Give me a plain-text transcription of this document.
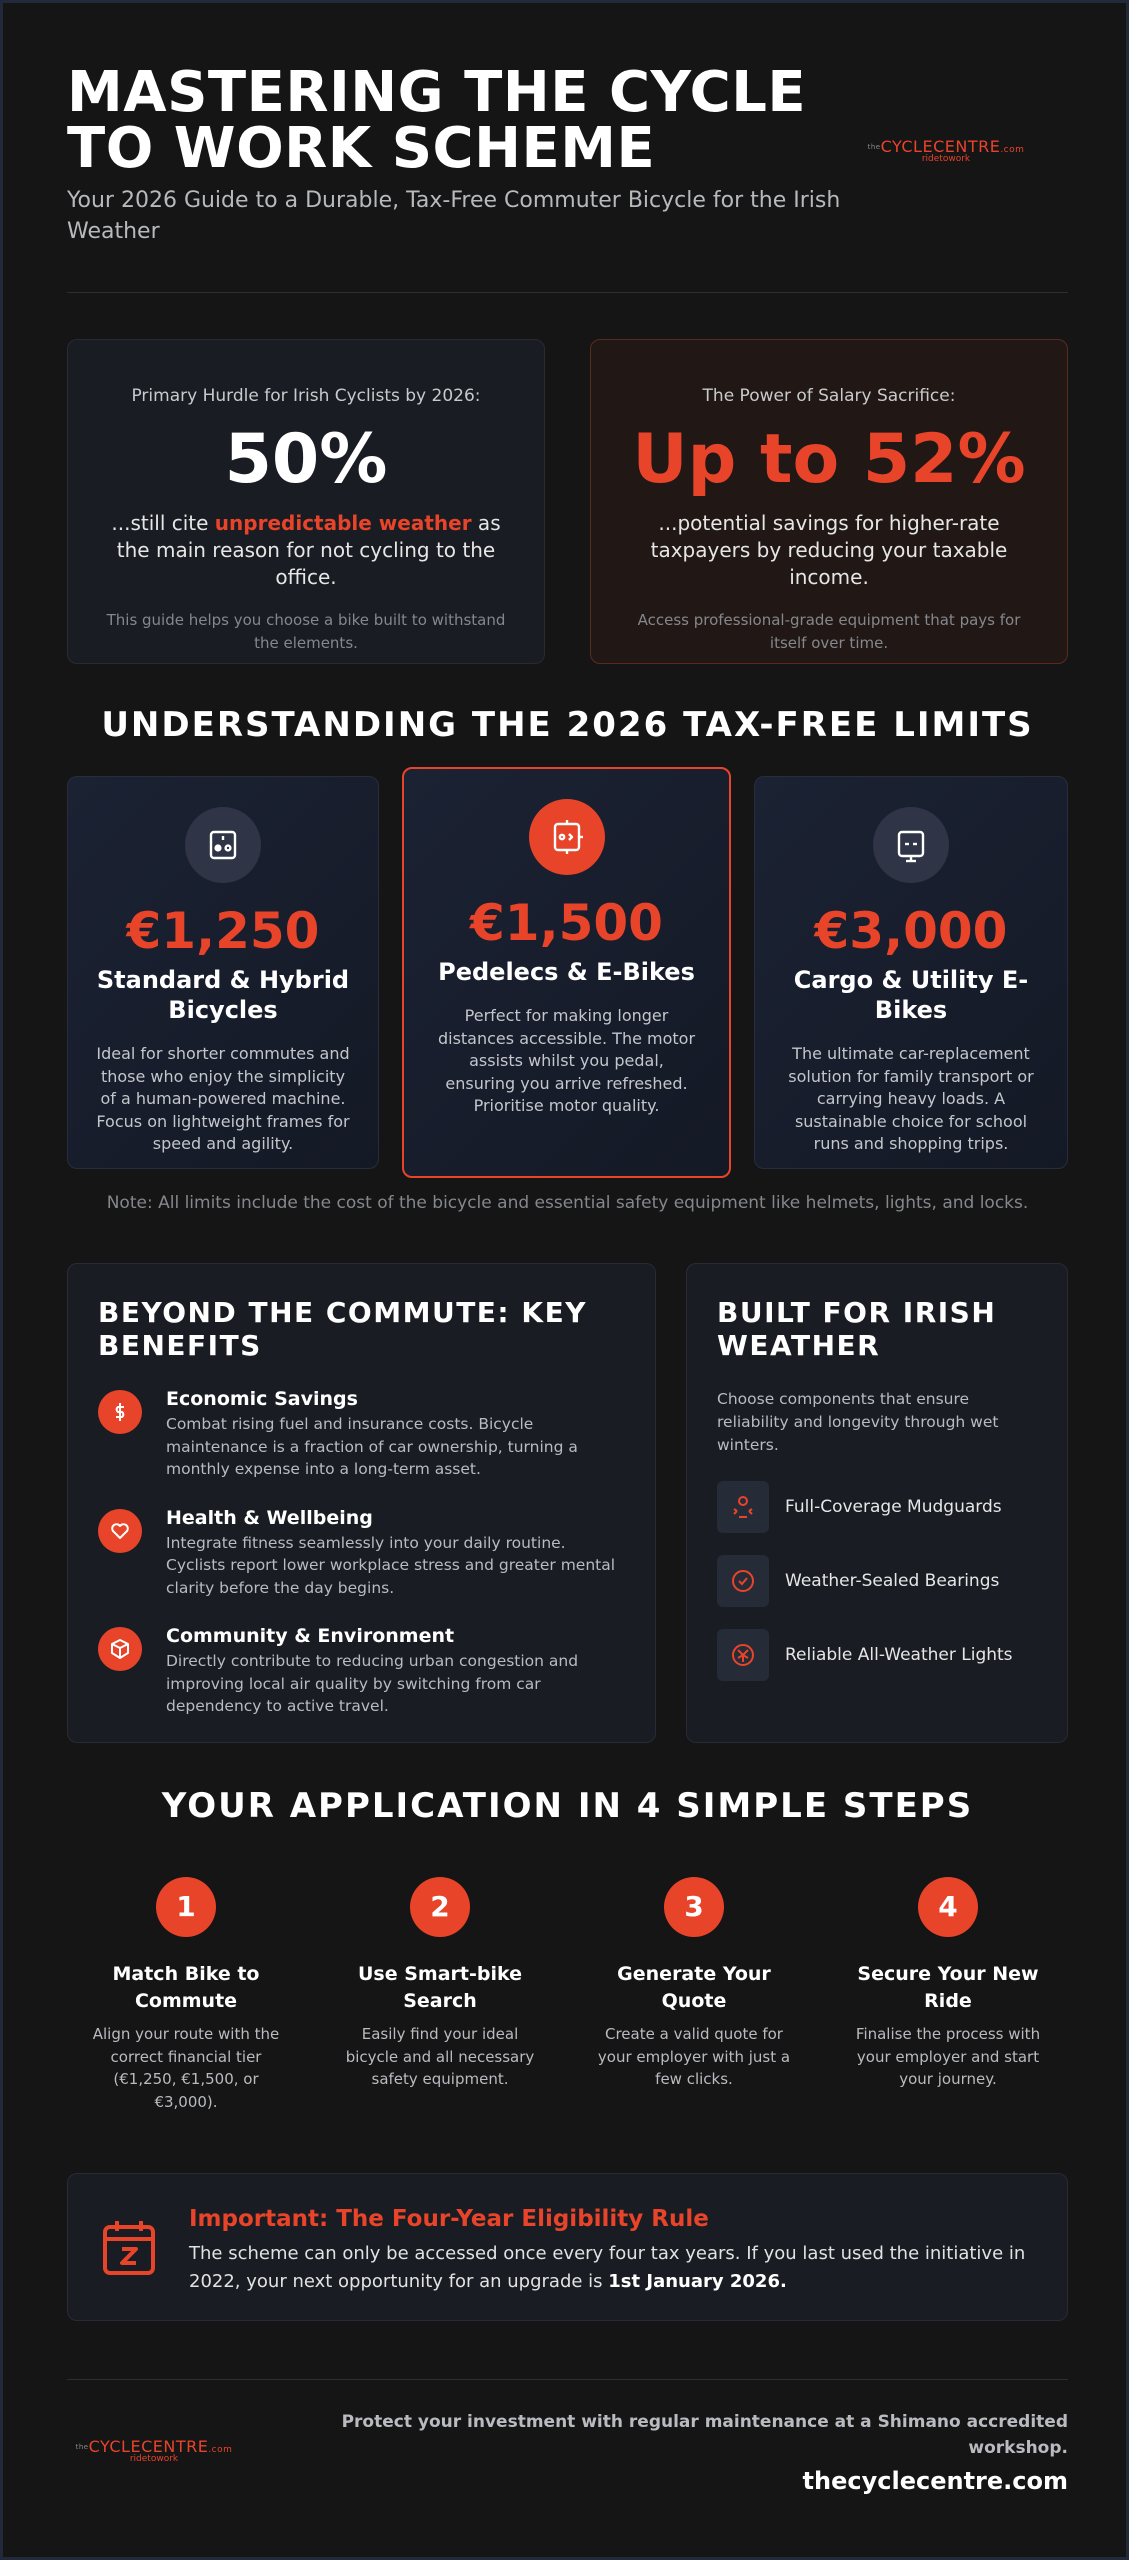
MASTERING THE CYCLE
TO WORK SCHEME
Your 2026 Guide to a Durable, Tax-Free Commuter Bicycle for the Irish Weather
theCYCLECENTRE.com
ridetowork
Primary Hurdle for Irish Cyclists by 2026:
50%
...still cite unpredictable weather as the main reason for not cycling to the office.
This guide helps you choose a bike built to withstand the elements.
The Power of Salary Sacrifice:
Up to 52%
...potential savings for higher-rate taxpayers by reducing your taxable income.
Access professional-grade equipment that pays for itself over time.
UNDERSTANDING THE 2026 TAX-FREE LIMITS
€1,250
Standard & Hybrid Bicycles
Ideal for shorter commutes and those who enjoy the simplicity of a human-powered machine. Focus on lightweight frames for speed and agility.
€1,500
Pedelecs & E-Bikes
Perfect for making longer distances accessible. The motor assists whilst you pedal, ensuring you arrive refreshed. Prioritise motor quality.
€3,000
Cargo & Utility E-Bikes
The ultimate car-replacement solution for family transport or carrying heavy loads. A sustainable choice for school runs and shopping trips.
Note: All limits include the cost of the bicycle and essential safety equipment like helmets, lights, and locks.
BEYOND THE COMMUTE: KEY BENEFITS
Economic Savings
Combat rising fuel and insurance costs. Bicycle maintenance is a fraction of car ownership, turning a monthly expense into a long-term asset.
Health & Wellbeing
Integrate fitness seamlessly into your daily routine. Cyclists report lower workplace stress and greater mental clarity before the day begins.
Community & Environment
Directly contribute to reducing urban congestion and improving local air quality by switching from car dependency to active travel.
BUILT FOR IRISH WEATHER
Choose components that ensure reliability and longevity through wet winters.
Full-Coverage Mudguards
Weather-Sealed Bearings
Reliable All-Weather Lights
YOUR APPLICATION IN 4 SIMPLE STEPS
1
Match Bike to Commute
Align your route with the correct financial tier (€1,250, €1,500, or €3,000).
2
Use Smart-bike Search
Easily find your ideal bicycle and all necessary safety equipment.
3
Generate Your Quote
Create a valid quote for your employer with just a few clicks.
4
Secure Your New Ride
Finalise the process with your employer and start your journey.
Important: The Four-Year Eligibility Rule
The scheme can only be accessed once every four tax years. If you last used the initiative in 2022, your next opportunity for an upgrade is 1st January 2026.
theCYCLECENTRE.com
ridetowork
Protect your investment with regular maintenance at a Shimano accredited workshop.
thecyclecentre.com
